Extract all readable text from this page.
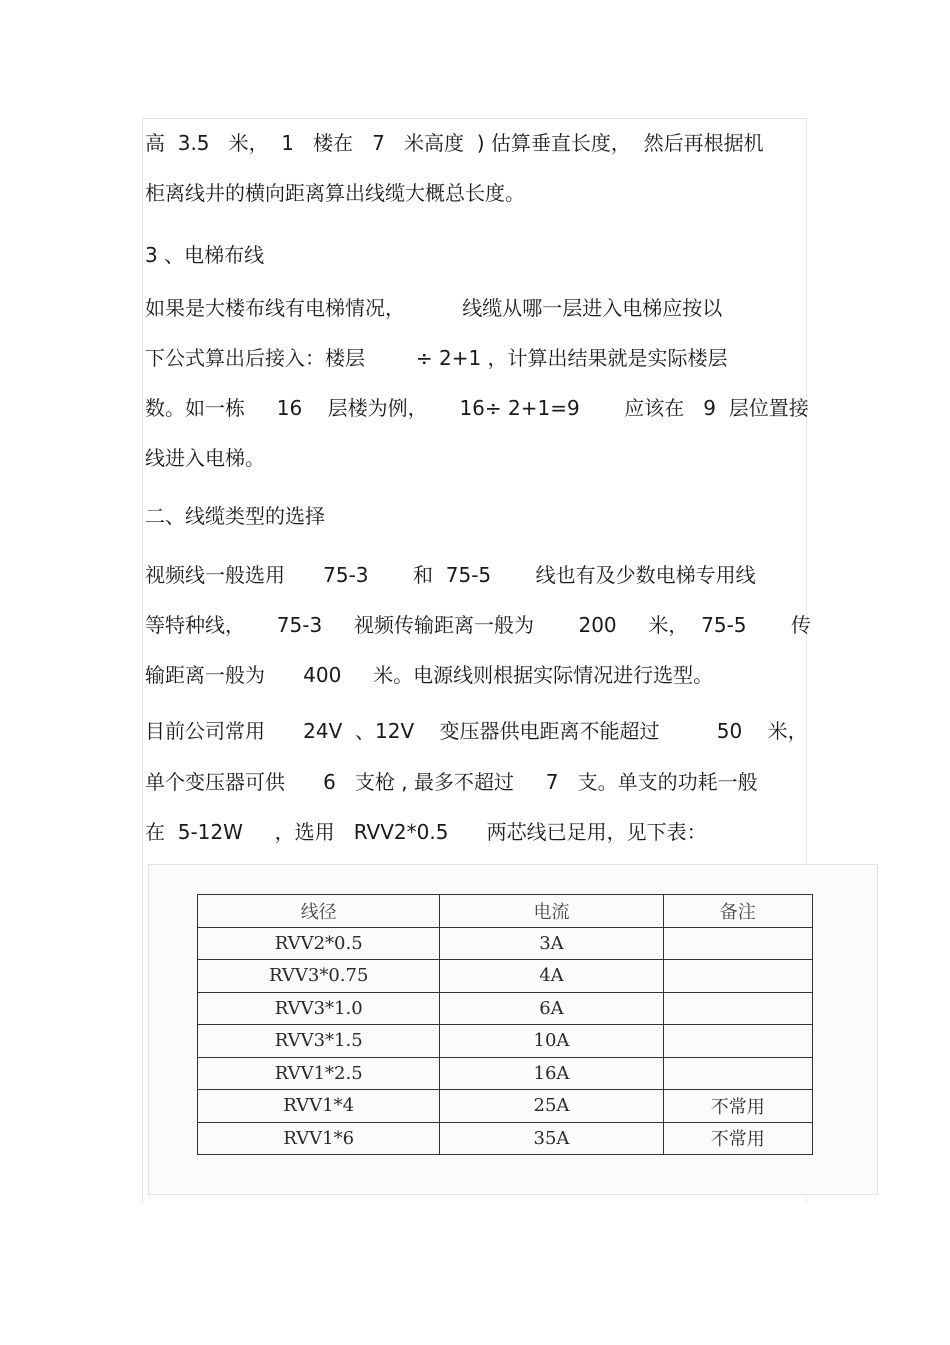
高  3.5   米，  1   楼在   7   米高度  ) 估算垂直长度，  然后再根据机
柜离线井的横向距离算出线缆大概总长度。
3 、电梯布线
如果是大楼布线有电梯情况，         线缆从哪一层进入电梯应按以
下公式算出后接入：楼层        ÷ 2+1 ，计算出结果就是实际楼层
数。如一栋     16    层楼为例，     16÷ 2+1=9       应该在   9  层位置接
线进入电梯。
二、线缆类型的选择
视频线一般选用      75-3       和  75-5       线也有及少数电梯专用线
等特种线，     75-3     视频传输距离一般为       200     米，  75-5       传
输距离一般为      400     米。电源线则根据实际情况进行选型。
目前公司常用      24V  、12V    变压器供电距离不能超过         50    米，
单个变压器可供      6   支枪 , 最多不超过     7   支。单支的功耗一般
在  5-12W     ，选用   RVV2*0.5      两芯线已足用，见下表：
线径	电流	备注
RVV2*0.5	3A	
RVV3*0.75	4A	
RVV3*1.0	6A	
RVV3*1.5	10A	
RVV1*2.5	16A	
RVV1*4	25A	不常用
RVV1*6	35A	不常用
